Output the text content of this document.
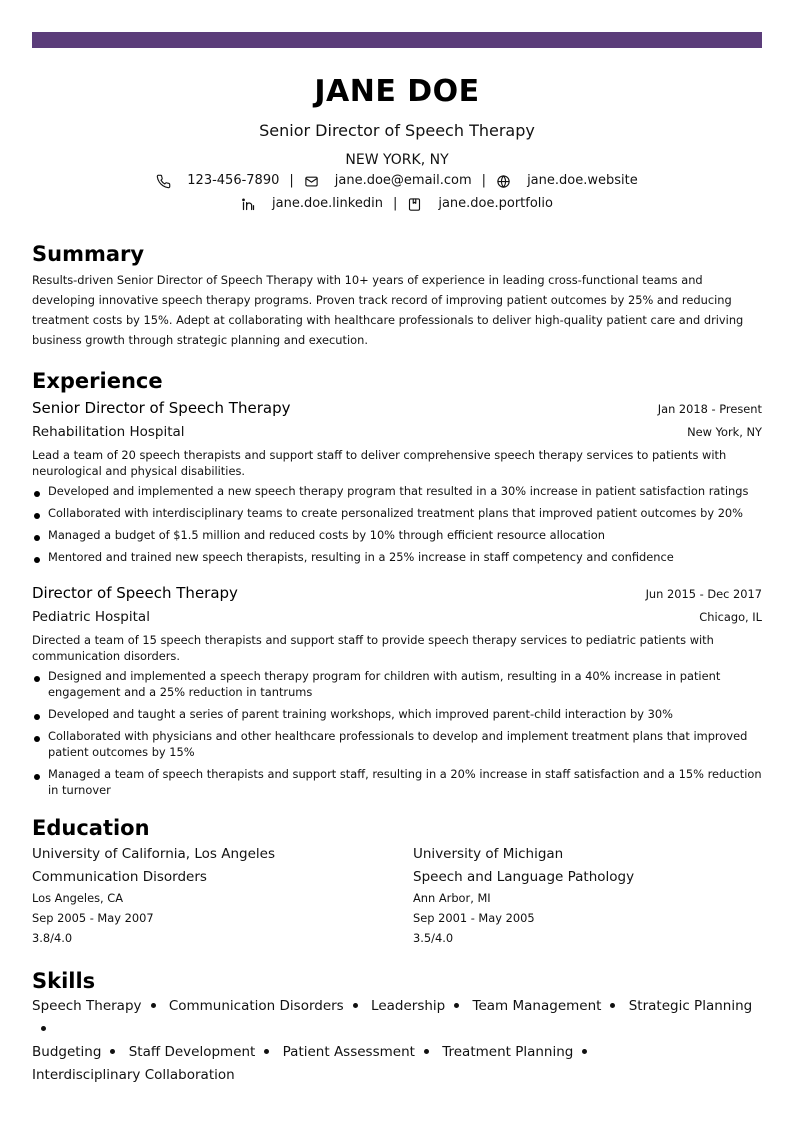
JANE DOE
Senior Director of Speech Therapy
NEW YORK, NY
123-456-7890 |	jane.doe@email.com |	jane.doe.website
jane.doe.linkedin |	jane.doe.portfolio
Summary
Results-driven Senior Director of Speech Therapy with 10+ years of experience in leading cross-functional teams and developing innovative speech therapy programs. Proven track record of improving patient outcomes by 25% and reducing treatment costs by 15%. Adept at collaborating with healthcare professionals to deliver high-quality patient care and driving business growth through strategic planning and execution.
Experience
Senior Director of Speech Therapy	Jan 2018 - Present
Rehabilitation Hospital	New York, NY
Lead a team of 20 speech therapists and support staff to deliver comprehensive speech therapy services to patients with neurological and physical disabilities.
Developed and implemented a new speech therapy program that resulted in a 30% increase in patient satisfaction ratings
Collaborated with interdisciplinary teams to create personalized treatment plans that improved patient outcomes by 20%
Managed a budget of $1.5 million and reduced costs by 10% through efficient resource allocation
Mentored and trained new speech therapists, resulting in a 25% increase in staff competency and confidence
Director of Speech Therapy	Jun 2015 - Dec 2017
Pediatric Hospital	Chicago, IL
Directed a team of 15 speech therapists and support staff to provide speech therapy services to pediatric patients with communication disorders.
Designed and implemented a speech therapy program for children with autism, resulting in a 40% increase in patient engagement and a 25% reduction in tantrums
Developed and taught a series of parent training workshops, which improved parent-child interaction by 30%
Collaborated with physicians and other healthcare professionals to develop and implement treatment plans that improved patient outcomes by 15%
Managed a team of speech therapists and support staff, resulting in a 20% increase in staff satisfaction and a 15% reduction in turnover
Education
University of California, Los Angeles
Communication Disorders
Los Angeles, CA
Sep 2005 - May 2007
3.8/4.0
University of Michigan
Speech and Language Pathology
Ann Arbor, MI
Sep 2001 - May 2005
3.5/4.0
Skills
Speech Therapy Communication Disorders Leadership Team Management Strategic Planning
Budgeting Staff Development Patient Assessment Treatment Planning Interdisciplinary Collaboration
